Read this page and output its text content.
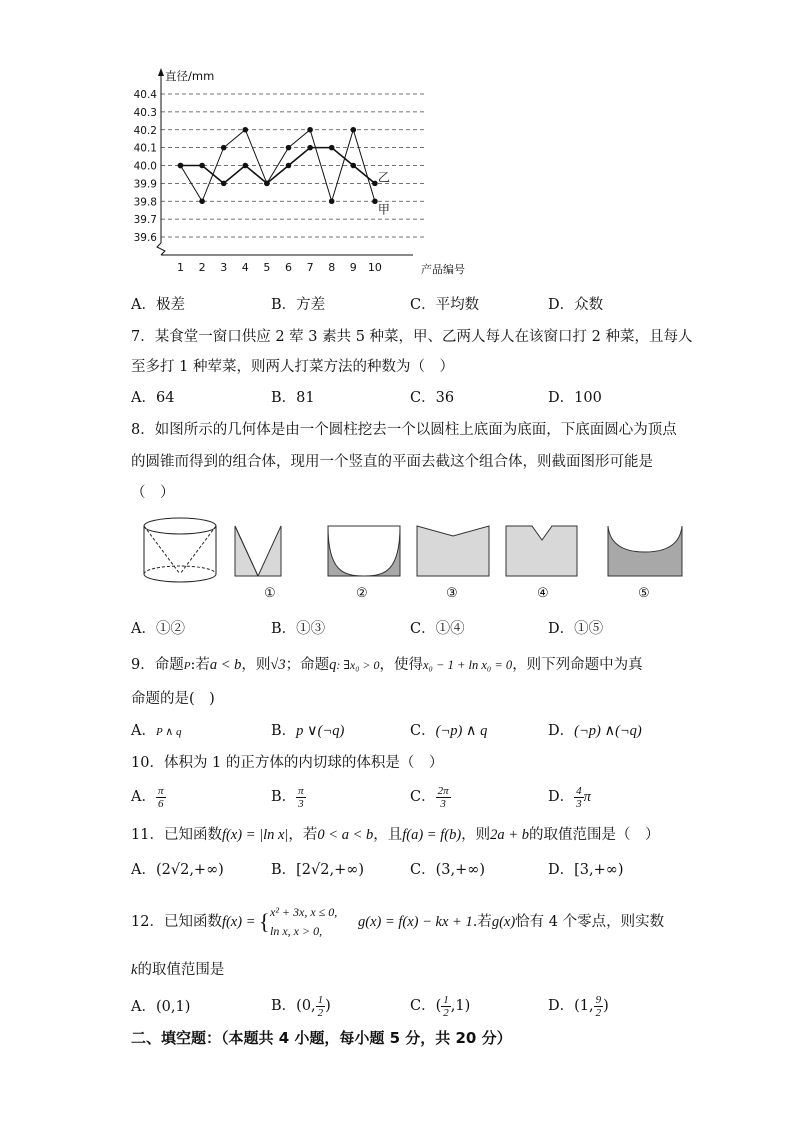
40.4
40.3
40.2
40.1
40.0
39.9
39.8
39.7
39.6
直径/mm
1 2 3 4 5 6 7 8 9 10	产品编号
甲
乙
A．极差	B．方差	C．平均数	D．众数
7．某食堂一窗口供应 2 荤 3 素共 5 种菜，甲、乙两人每人在该窗口打 2 种菜，且每人
至多打 1 种荤菜，则两人打菜方法的种数为（　）
A．64	B．81	C．36	D．100
8．如图所示的几何体是由一个圆柱挖去一个以圆柱上底面为底面，下底面圆心为顶点
的圆锥而得到的组合体，现用一个竖直的平面去截这个组合体，则截面图形可能是
（　）
①	②	③	④	⑤
A．①②	B．①③	C．①④	D．①⑤
9．命题P:若a < b，则√3；命题q: ∃x₀ > 0，使得x₀ − 1 + ln x₀ = 0，则下列命题中为真
命题的是(　)
A．P ∧ q	B．p ∨(¬q)	C．(¬p) ∧ q	D．(¬p) ∧(¬q)
10．体积为 1 的正方体的内切球的体积是（　）
A． $\frac{\pi}{6}$	B． $\frac{\pi}{3}$	C． $\frac{2\pi}{3}$	D． $\frac{4}{3}$ π
11．已知函数f(x) = |ln x|，若0 < a < b，且f(a) = f(b)，则2a + b的取值范围是（　）
A．(2√2,+∞)	B．[2√2,+∞)	C．(3,+∞)	D．[3,+∞)
12．已知函数f(x) = { x² + 3x, x ≤ 0,
ln x, x > 0,
g(x) = f(x) − kx + 1.若g(x)恰有 4 个零点，则实数
k的取值范围是
A．(0,1)	B．(0, $\frac{1}{2}$ )	C．( $\frac{1}{2} ,1$)	D．(1, $\frac{9}{2}$ )
二、填空题：（本题共 4 小题，每小题 5 分，共 20 分）
